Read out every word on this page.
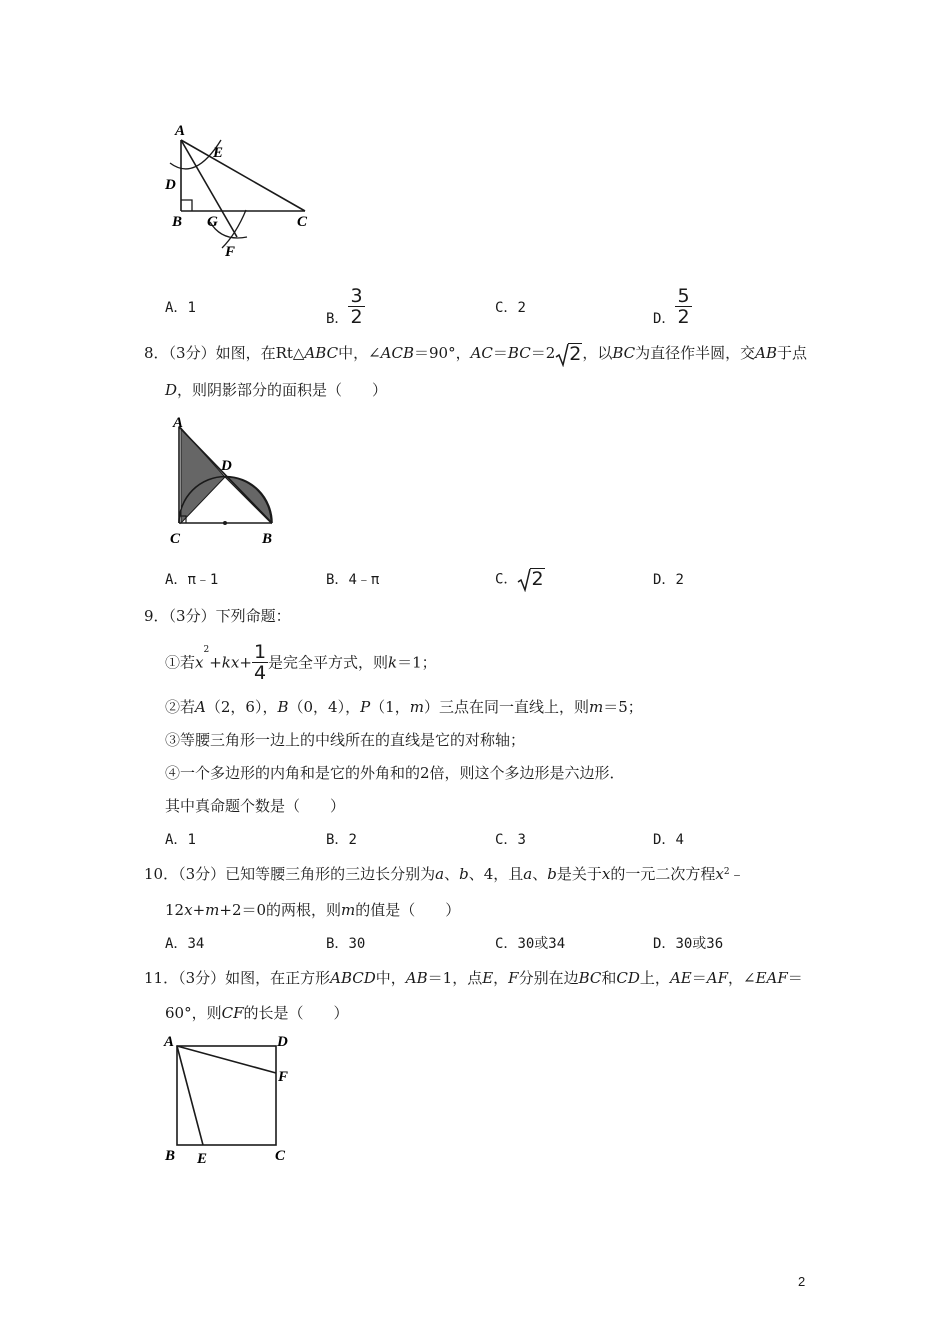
A
E
D
B G	C
F
A．1
B． $\frac{3}{2}$	C．2
D． $\frac{5}{2}$
8．（3分）如图，在Rt△ABC中，∠ACB＝90°，AC＝BC＝2 2，以BC为直径作半圆，交AB于点
D，则阴影部分的面积是（　　）
A
D
C	B
A．π﹣1	B．4﹣π	C． 2	D．2
9．（3分）下列命题：
①若$x^2+kx+ \frac{1}{4}$ 是完全平方式，则k＝1；
②若A（2，6），B（0，4），P（1，m）三点在同一直线上，则m＝5；
③等腰三角形一边上的中线所在的直线是它的对称轴；
④一个多边形的内角和是它的外角和的2倍，则这个多边形是六边形．
其中真命题个数是（　　）
A．1	B．2	C．3	D．4
10．（3分）已知等腰三角形的三边长分别为a、b、4，且a、b是关于x的一元二次方程$x^2﹣$
12x+m+2＝0的两根，则m的值是（　　）
A．34	B．30	C．30或34	D．30或36
11．（3分）如图，在正方形ABCD中，AB＝1，点E，F分别在边BC和CD上，AE＝AF，∠EAF＝
60°，则CF的长是（　　）
A	D
F
B E	C
2
